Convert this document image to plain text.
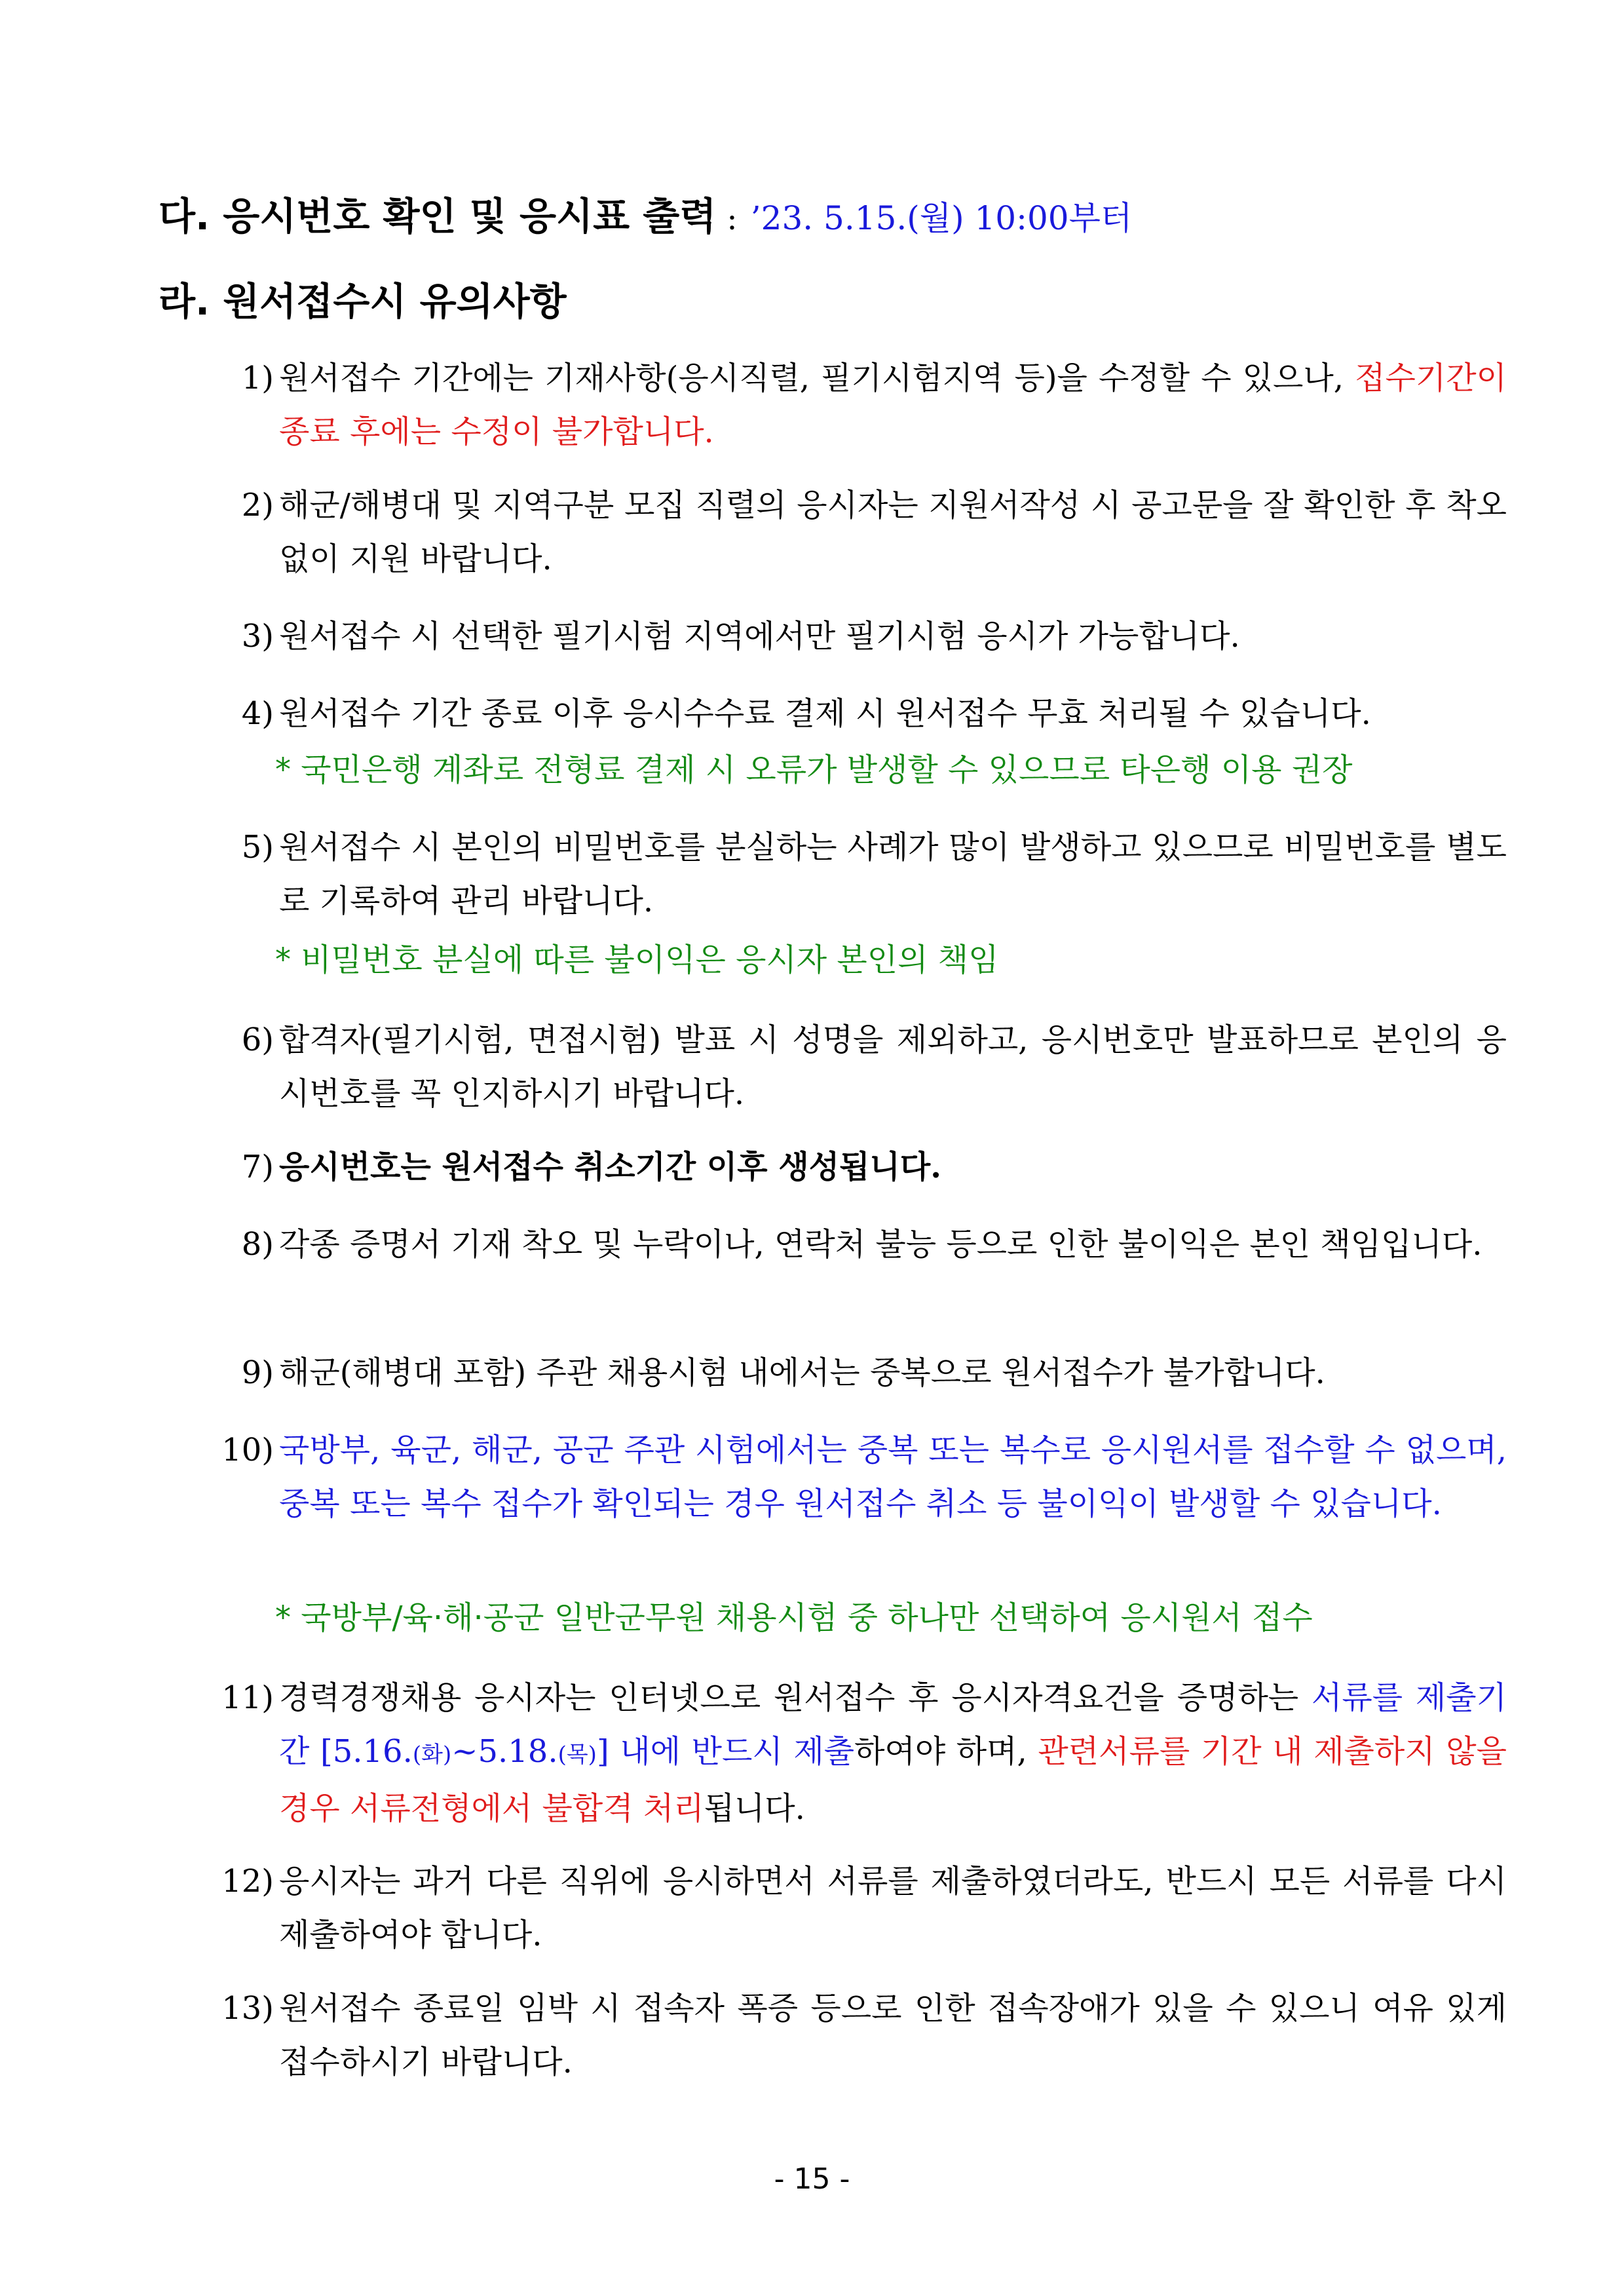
다. 응시번호 확인 및 응시표 출력 : ’23. 5.15.(월) 10:00부터
라. 원서접수시 유의사항
1) 원서접수 기간에는 기재사항(응시직렬, 필기시험지역 등)을 수정할 수 있으나, 접수기간이 종료 후에는 수정이 불가합니다.
2) 해군/해병대 및 지역구분 모집 직렬의 응시자는 지원서작성 시 공고문을 잘 확인한 후 착오 없이 지원 바랍니다.
3) 원서접수 시 선택한 필기시험 지역에서만 필기시험 응시가 가능합니다.
4) 원서접수 기간 종료 이후 응시수수료 결제 시 원서접수 무효 처리될 수 있습니다.
* 국민은행 계좌로 전형료 결제 시 오류가 발생할 수 있으므로 타은행 이용 권장
5) 원서접수 시 본인의 비밀번호를 분실하는 사례가 많이 발생하고 있으므로 비밀번호를 별도로 기록하여 관리 바랍니다.
* 비밀번호 분실에 따른 불이익은 응시자 본인의 책임
6) 합격자(필기시험, 면접시험) 발표 시 성명을 제외하고, 응시번호만 발표하므로 본인의 응시번호를 꼭 인지하시기 바랍니다.
7) 응시번호는 원서접수 취소기간 이후 생성됩니다.
8) 각종 증명서 기재 착오 및 누락이나, 연락처 불능 등으로 인한 불이익은 본인 책임입니다.
9) 해군(해병대 포함) 주관 채용시험 내에서는 중복으로 원서접수가 불가합니다.
10) 국방부, 육군, 해군, 공군 주관 시험에서는 중복 또는 복수로 응시원서를 접수할 수 없으며, 중복 또는 복수 접수가 확인되는 경우 원서접수 취소 등 불이익이 발생할 수 있습니다.
* 국방부/육·해·공군 일반군무원 채용시험 중 하나만 선택하여 응시원서 접수
11) 경력경쟁채용 응시자는 인터넷으로 원서접수 후 응시자격요건을 증명하는 서류를 제출기간 [5.16.(화)~5.18.(목)] 내에 반드시 제출하여야 하며, 관련서류를 기간 내 제출하지 않을 경우 서류전형에서 불합격 처리됩니다.
12) 응시자는 과거 다른 직위에 응시하면서 서류를 제출하였더라도, 반드시 모든 서류를 다시 제출하여야 합니다.
13) 원서접수 종료일 임박 시 접속자 폭증 등으로 인한 접속장애가 있을 수 있으니 여유 있게 접수하시기 바랍니다.
- 15 -
